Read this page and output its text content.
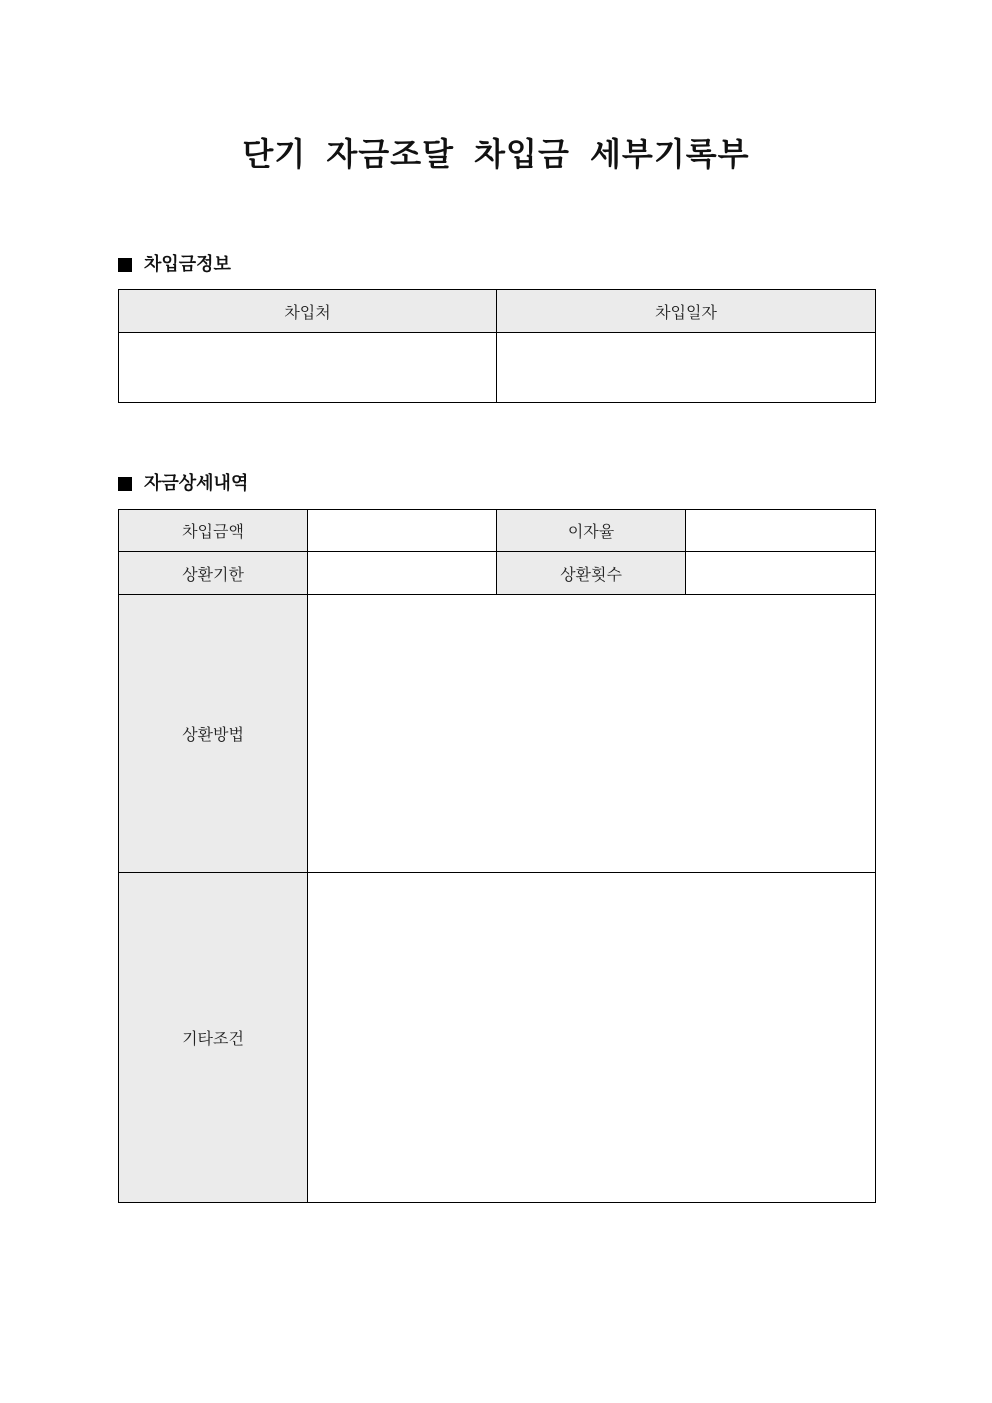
단기 자금조달 차입금 세부기록부
차입금정보
차입처	차입일자

자금상세내역
차입금액		이자율	
상환기한		상환횟수	
상환방법			
기타조건			
